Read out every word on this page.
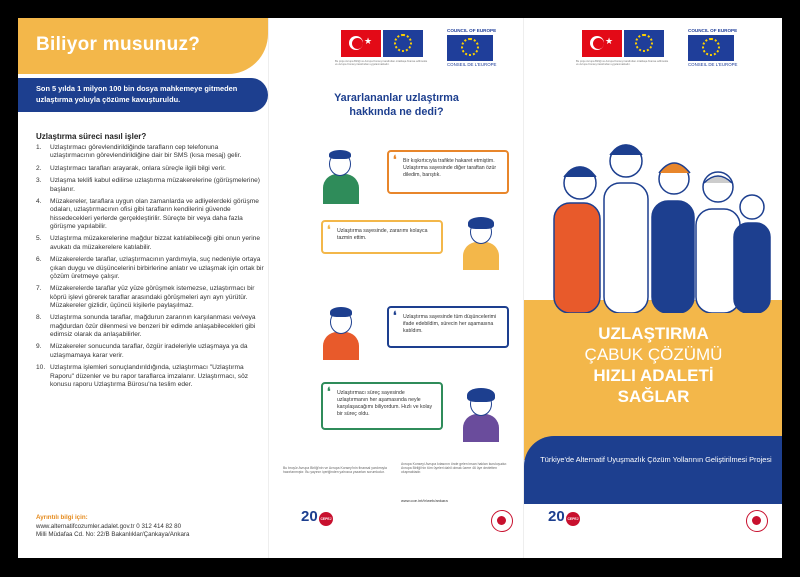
Biliyor musunuz?

Son 5 yılda 1 milyon 100 bin dosya mahkemeye gitmeden uzlaştırma yoluyla çözüme kavuşturuldu.

Uzlaştırma süreci nasıl işler?
1. Uzlaştırmacı görevlendirildiğinde tarafların cep telefonuna uzlaştırmacının görevlendirildiğine dair bir SMS (kısa mesaj) gelir.
2. Uzlaştırmacı tarafları arayarak, onlara süreçle ilgili bilgi verir.
3. Uzlaşma teklifi kabul edilirse uzlaştırma müzakerelerine (görüşmelerine) başlanır.
4. Müzakereler, taraflara uygun olan zamanlarda ve adliyelerdeki görüşme odaları, uzlaştırmacının ofisi gibi tarafların kendilerini güvende hissedecekleri yerlerde gerçekleştirilir. Süreçte bir veya daha fazla görüşme yapılabilir.
5. Uzlaştırma müzakerelerine mağdur bizzat katılabileceği gibi onun yerine avukatı da müzakerelere katılabilir.
6. Müzakerelerde taraflar, uzlaştırmacının yardımıyla, suç nedeniyle ortaya çıkan duygu ve düşüncelerini birbirlerine anlatır ve uzlaşmak için ortak bir çözüm üretmeye çalışır.
7. Müzakerelerde taraflar yüz yüze görüşmek istemezse, uzlaştırmacı bir köprü işlevi görerek taraflar arasındaki görüşmeleri ayrı ayrı yürütür. Müzakereler gizlidir, üçüncü kişilerle paylaşılmaz.
8. Uzlaştırma sonunda taraflar, mağdurun zararının karşılanması ve/veya mağdurdan özür dilenmesi ve benzeri bir edimde anlaşabilecekleri gibi edimsiz olarak da anlaşabilirler.
9. Müzakereler sonucunda taraflar, özgür iradeleriyle uzlaşmaya ya da uzlaşmamaya karar verir.
10. Uzlaştırma işlemleri sonuçlandırıldığında, uzlaştırmacı "Uzlaştırma Raporu" düzenler ve bu rapor taraflarca imzalanır. Uzlaştırmacı, söz konusu raporu Uzlaştırma Bürosu'na teslim eder.
Ayrıntılı bilgi için:
www.alternatifcozumler.adalet.gov.tr 0 312 414 82 80
Milli Müdafaa Cd. No: 22/B Bakanlıklar/Çankaya/Ankara
★
Bu proje Avrupa Birliği ve Avrupa Konseyi tarafından ortaklaşa finanse edilmekte ve Avrupa Konseyi tarafından uygulanmaktadır.
COUNCIL OF EUROPE
CONSEIL DE L'EUROPE
Yararlananlar uzlaştırma
hakkında ne dedi?
❛ Bir kışkırtıcıyla trafikte hakaret etmiştim. Uzlaştırma sayesinde diğer taraftan özür diledim, barıştık.
❛ Uzlaştırma sayesinde, zararımı kolayca tazmin ettim.
❛ Uzlaştırma sayesinde tüm düşüncelerimi ifade edebildim, sürecin her aşamasına katıldım.
❛ Uzlaştırmacı süreç sayesinde uzlaştırmanın her aşamasında neyle karşılaşacağımı biliyordum. Hızlı ve kolay bir süreç oldu.
Bu broşür Avrupa Birliği'nin ve Avrupa Konseyi'nin finansal yardımıyla hazırlanmıştır. Bu yayının içeriğinden yalnızca yazarları sorumludur.
Avrupa Konseyi Avrupa kıtasının önde gelen insan hakları kuruluşudur. Avrupa Birliği'nin tüm üyeleri dahil olmak üzere 46 üye devletten oluşmaktadır.
www.coe.int/tr/web/ankara
20 CEPEJ
★
Bu proje Avrupa Birliği ve Avrupa Konseyi tarafından ortaklaşa finanse edilmekte ve Avrupa Konseyi tarafından uygulanmaktadır.
COUNCIL OF EUROPE
CONSEIL DE L'EUROPE
UZLAŞTIRMA
ÇABUK ÇÖZÜMÜ
HIZLI ADALETİ
SAĞLAR

Türkiye'de Alternatif Uyuşmazlık Çözüm Yollarının Geliştirilmesi Projesi

20 CEPEJ
